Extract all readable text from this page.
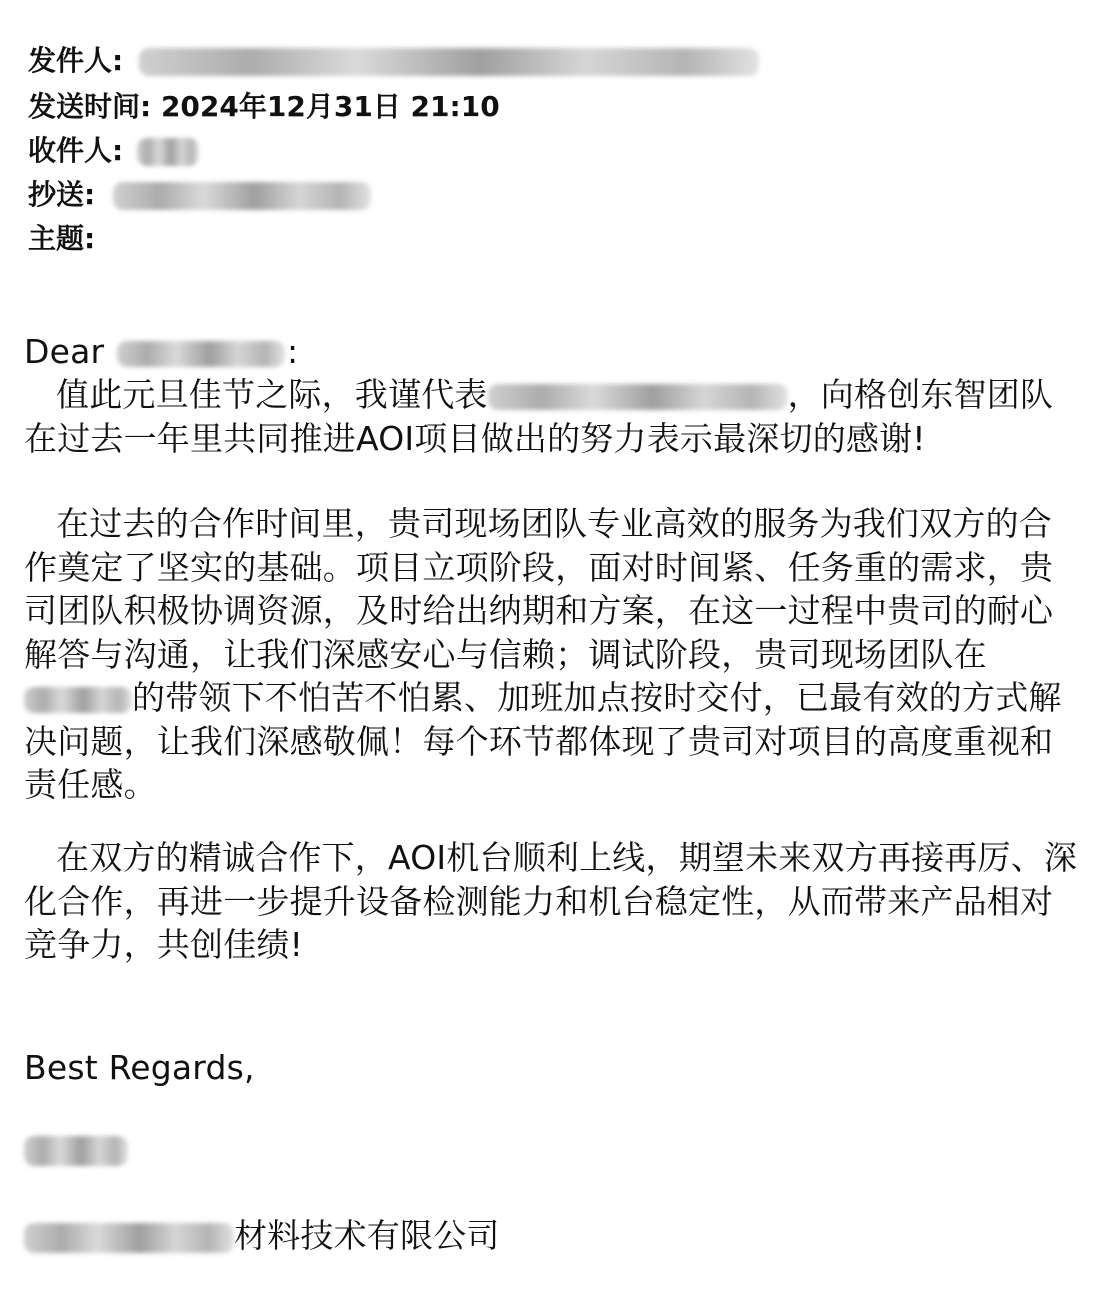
发件人:
发送时间: 2024年12月31日 21:10
收件人:
抄送:
主题:
Dear	:

值此元旦佳节之际，我谨代表	，向格创东智团队在过去一年里共同推进AOI项目做出的努力表示最深切的感谢!

在过去的合作时间里，贵司现场团队专业高效的服务为我们双方的合作奠定了坚实的基础。项目立项阶段，面对时间紧、任务重的需求，贵司团队积极协调资源，及时给出纳期和方案，在这一过程中贵司的耐心解答与沟通，让我们深感安心与信赖；调试阶段，贵司现场团队在的带领下不怕苦不怕累、加班加点按时交付，已最有效的方式解决问题，让我们深感敬佩！每个环节都体现了贵司对项目的高度重视和责任感。

在双方的精诚合作下，AOI机台顺利上线，期望未来双方再接再厉、深化合作，再进一步提升设备检测能力和机台稳定性，从而带来产品相对竞争力，共创佳绩!

Best Regards,
材料技术有限公司
